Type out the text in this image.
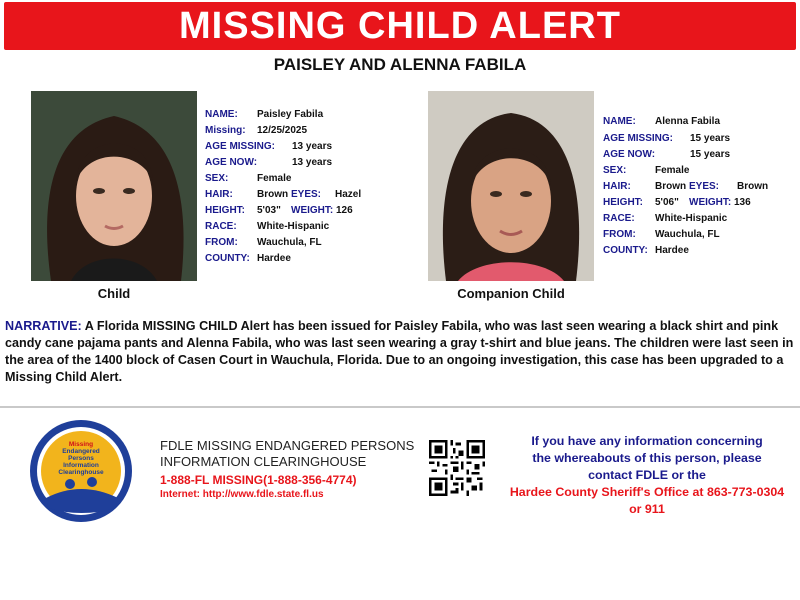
MISSING CHILD ALERT
PAISLEY AND ALENNA FABILA
Child
NAME: Paisley Fabila
Missing: 12/25/2025
AGE MISSING: 13 years
AGE NOW:	13 years
SEX:	Female
HAIR: Brown EYES: Hazel
HEIGHT: 5'03" WEIGHT: 126
RACE: White-Hispanic
FROM: Wauchula, FL
COUNTY: Hardee
Companion Child
NAME: Alenna Fabila
AGE MISSING: 15 years
AGE NOW:	15 years
SEX:	Female
HAIR: Brown EYES: Brown
HEIGHT: 5'06" WEIGHT: 136
RACE: White-Hispanic
FROM: Wauchula, FL
COUNTY: Hardee
NARRATIVE: A Florida MISSING CHILD Alert has been issued for Paisley Fabila, who was last seen wearing a black shirt and pink candy cane pajama pants and Alenna Fabila, who was last seen wearing a gray t-shirt and blue jeans. The children were last seen in the area of the 1400 block of Casen Court in Wauchula, Florida. Due to an ongoing investigation, this case has been upgraded to a Missing Child Alert.
Missing
Endangered
Persons
Information
Clearinghouse
FDLE MISSING ENDANGERED PERSONS
INFORMATION CLEARINGHOUSE
1-888-FL MISSING(1-888-356-4774)
Internet: http://www.fdle.state.fl.us
If you have any information concerning
the whereabouts of this person, please
contact FDLE or the
Hardee County Sheriff's Office at 863-773-0304
or 911
